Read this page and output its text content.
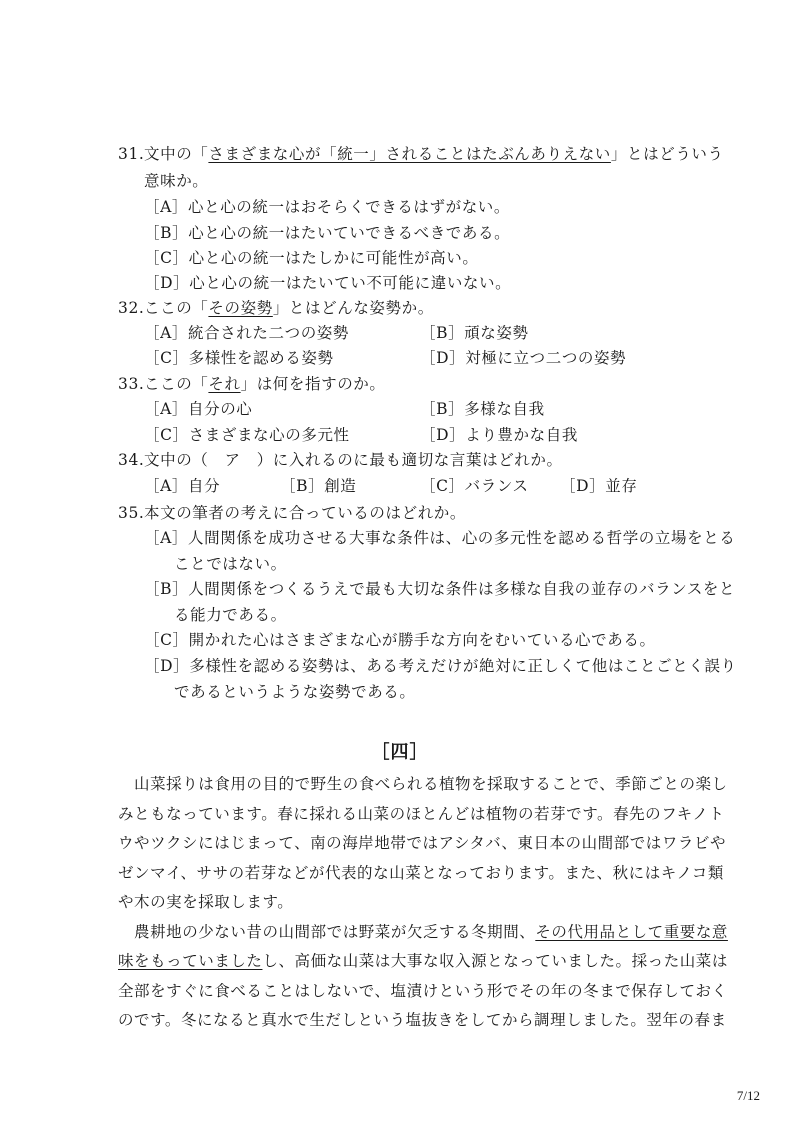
31.文中の「さまざまな心が「統一」されることはたぶんありえない」とはどういう
意味か。
［A］心と心の統一はおそらくできるはずがない。
［B］心と心の統一はたいていできるべきである。
［C］心と心の統一はたしかに可能性が高い。
［D］心と心の統一はたいてい不可能に違いない。
32.ここの「その姿勢」とはどんな姿勢か。
［A］統合された二つの姿勢	［B］頑な姿勢
［C］多様性を認める姿勢	［D］対極に立つ二つの姿勢
33.ここの「それ」は何を指すのか。
［A］自分の心	［B］多様な自我
［C］さまざまな心の多元性	［D］より豊かな自我
34.文中の（　ア　）に入れるのに最も適切な言葉はどれか。
［A］自分	［B］創造	［C］バランス ［D］並存
35.本文の筆者の考えに合っているのはどれか。
［A］人間関係を成功させる大事な条件は、心の多元性を認める哲学の立場をとる
ことではない。
［B］人間関係をつくるうえで最も大切な条件は多様な自我の並存のバランスをと
る能力である。
［C］開かれた心はさまざまな心が勝手な方向をむいている心である。
［D］多様性を認める姿勢は、ある考えだけが絶対に正しくて他はことごとく誤り
であるというような姿勢である。
［四］
　山菜採りは食用の目的で野生の食べられる植物を採取することで、季節ごとの楽し
みともなっています。春に採れる山菜のほとんどは植物の若芽です。春先のフキノト
ウやツクシにはじまって、南の海岸地帯ではアシタバ、東日本の山間部ではワラビや
ゼンマイ、ササの若芽などが代表的な山菜となっております。また、秋にはキノコ類
や木の実を採取します。
　農耕地の少ない昔の山間部では野菜が欠乏する冬期間、その代用品として重要な意
味をもっていましたし、高価な山菜は大事な収入源となっていました。採った山菜は
全部をすぐに食べることはしないで、塩漬けという形でその年の冬まで保存しておく
のです。冬になると真水で生だしという塩抜きをしてから調理しました。翌年の春ま
7/12
